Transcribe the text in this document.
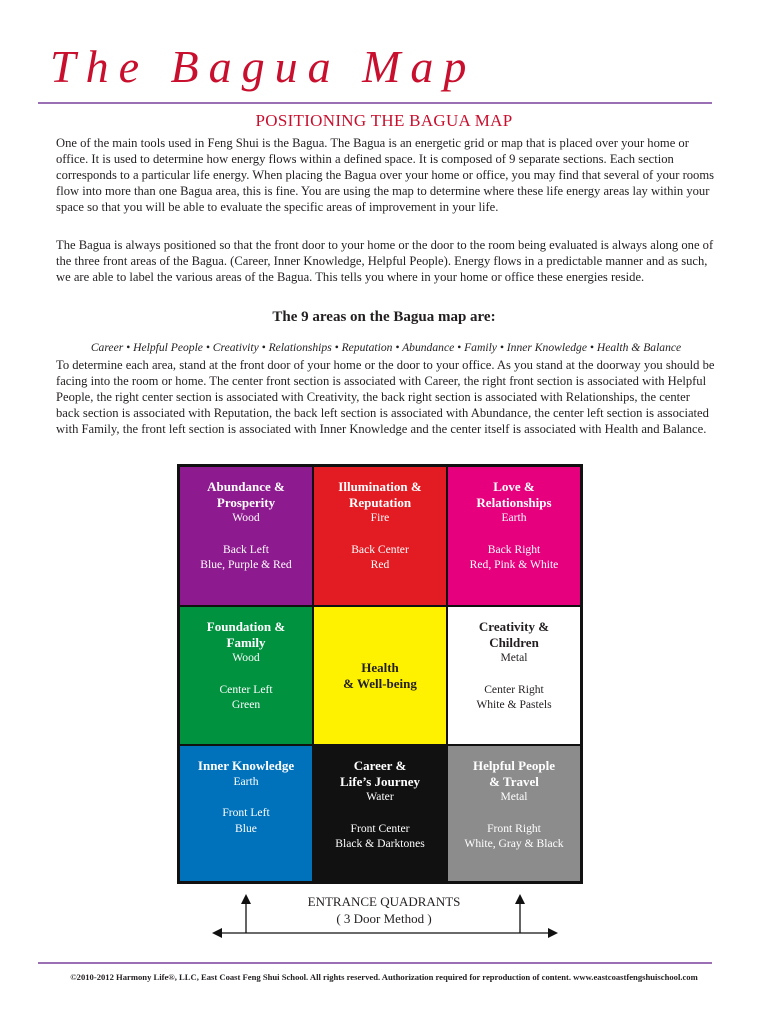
The Bagua Map
POSITIONING THE BAGUA MAP

One of the main tools used in Feng Shui is the Bagua. The Bagua is an energetic grid or map that is placed over your home or office. It is used to determine how energy flows within a defined space. It is composed of 9 separate sections. Each section corresponds to a particular life energy. When placing the Bagua over your home or office, you may find that several of your rooms flow into more than one Bagua area, this is fine. You are using the map to determine where these life energy areas lay within your space so that you will be able to evaluate the specific areas of improvement in your life.

The Bagua is always positioned so that the front door to your home or the door to the room being evaluated is always along one of the three front areas of the Bagua. (Career, Inner Knowledge, Helpful People). Energy flows in a predictable manner and as such, we are able to label the various areas of the Bagua. This tells you where in your home or office these energies reside.

The 9 areas on the Bagua map are:
Career • Helpful People • Creativity • Relationships • Reputation • Abundance • Family • Inner Knowledge • Health & Balance

To determine each area, stand at the front door of your home or the door to your office. As you stand at the doorway you should be facing into the room or home. The center front section is associated with Career, the right front section is associated with Helpful People, the right center section is associated with Creativity, the back right section is associated with Relationships, the center back section is associated with Reputation, the back left section is associated with Abundance, the center left section is associated with Family, the front left section is associated with Inner Knowledge and the center itself is associated with Health and Balance.

Abundance &
Prosperity
Wood
Back Left
Blue, Purple & Red
Illumination &
Reputation
Fire
Back Center
Red
Love &
Relationships
Earth
Back Right
Red, Pink & White
Foundation &
Family
Wood
Center Left
Green
Health
& Well-being
Creativity &
Children
Metal
Center Right
White & Pastels
Inner Knowledge
Earth
Front Left
Blue
Career &
Life’s Journey
Water
Front Center
Black & Darktones
Helpful People
& Travel
Metal
Front Right
White, Gray & Black
ENTRANCE QUADRANTS
( 3 Door Method )
©2010-2012 Harmony Life®, LLC, East Coast Feng Shui School. All rights reserved. Authorization required for reproduction of content. www.eastcoastfengshuischool.com
